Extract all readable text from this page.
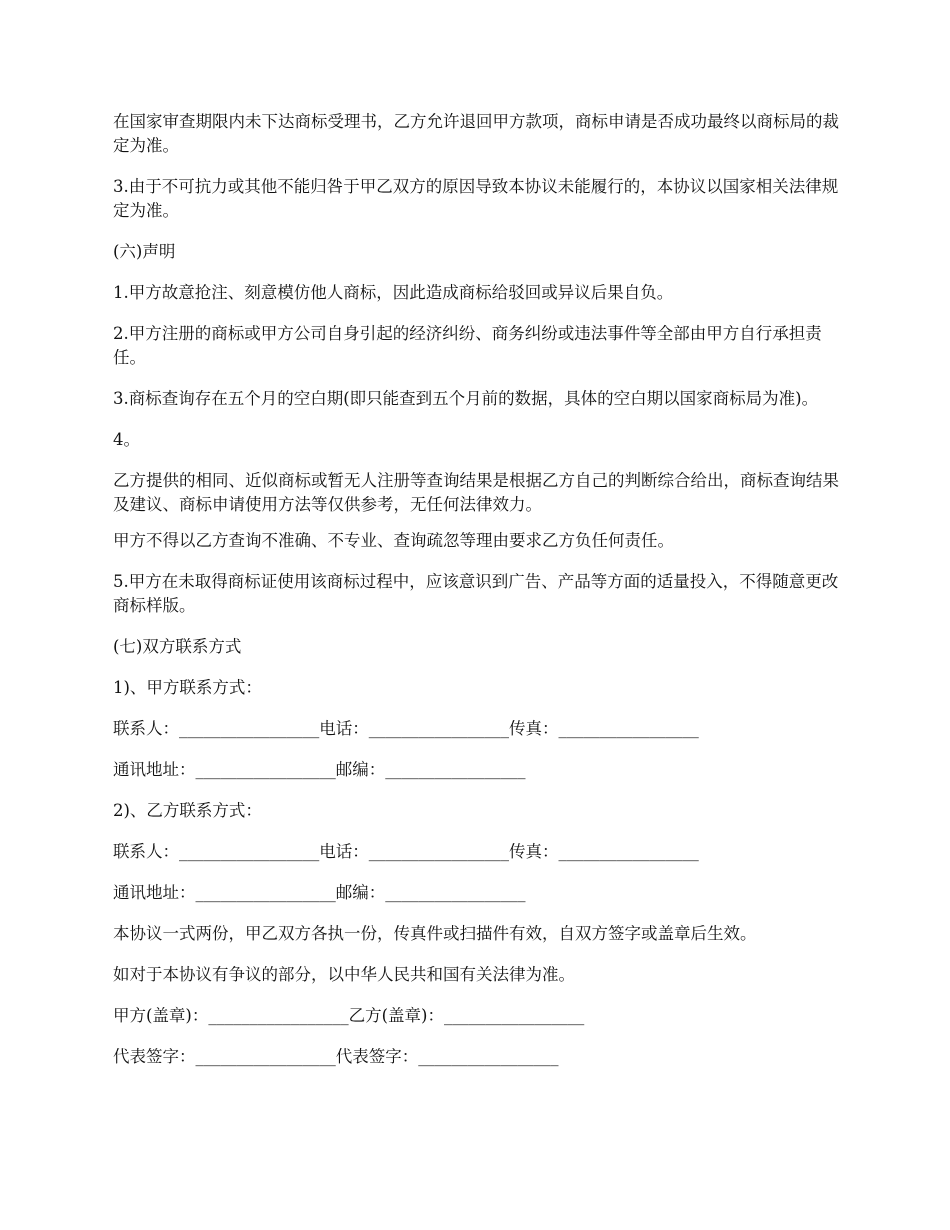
在国家审查期限内未下达商标受理书，乙方允许退回甲方款项，商标申请是否成功最终以商标局的裁定为准。

3.由于不可抗力或其他不能归咎于甲乙双方的原因导致本协议未能履行的，本协议以国家相关法律规定为准。

(六)声明

1.甲方故意抢注、刻意模仿他人商标，因此造成商标给驳回或异议后果自负。

2.甲方注册的商标或甲方公司自身引起的经济纠纷、商务纠纷或违法事件等全部由甲方自行承担责任。

3.商标查询存在五个月的空白期(即只能查到五个月前的数据，具体的空白期以国家商标局为准)。

4。

乙方提供的相同、近似商标或暂无人注册等查询结果是根据乙方自己的判断综合给出，商标查询结果及建议、商标申请使用方法等仅供参考，无任何法律效力。

甲方不得以乙方查询不准确、不专业、查询疏忽等理由要求乙方负任何责任。

5.甲方在未取得商标证使用该商标过程中，应该意识到广告、产品等方面的适量投入，不得随意更改商标样版。

(七)双方联系方式

1)、甲方联系方式：

联系人：_________________电话：_________________传真：_________________

通讯地址：_________________邮编：_________________

2)、乙方联系方式：

联系人：_________________电话：_________________传真：_________________

通讯地址：_________________邮编：_________________

本协议一式两份，甲乙双方各执一份，传真件或扫描件有效，自双方签字或盖章后生效。

如对于本协议有争议的部分，以中华人民共和国有关法律为准。

甲方(盖章)：_________________乙方(盖章)：_________________

代表签字：_________________代表签字：_________________
